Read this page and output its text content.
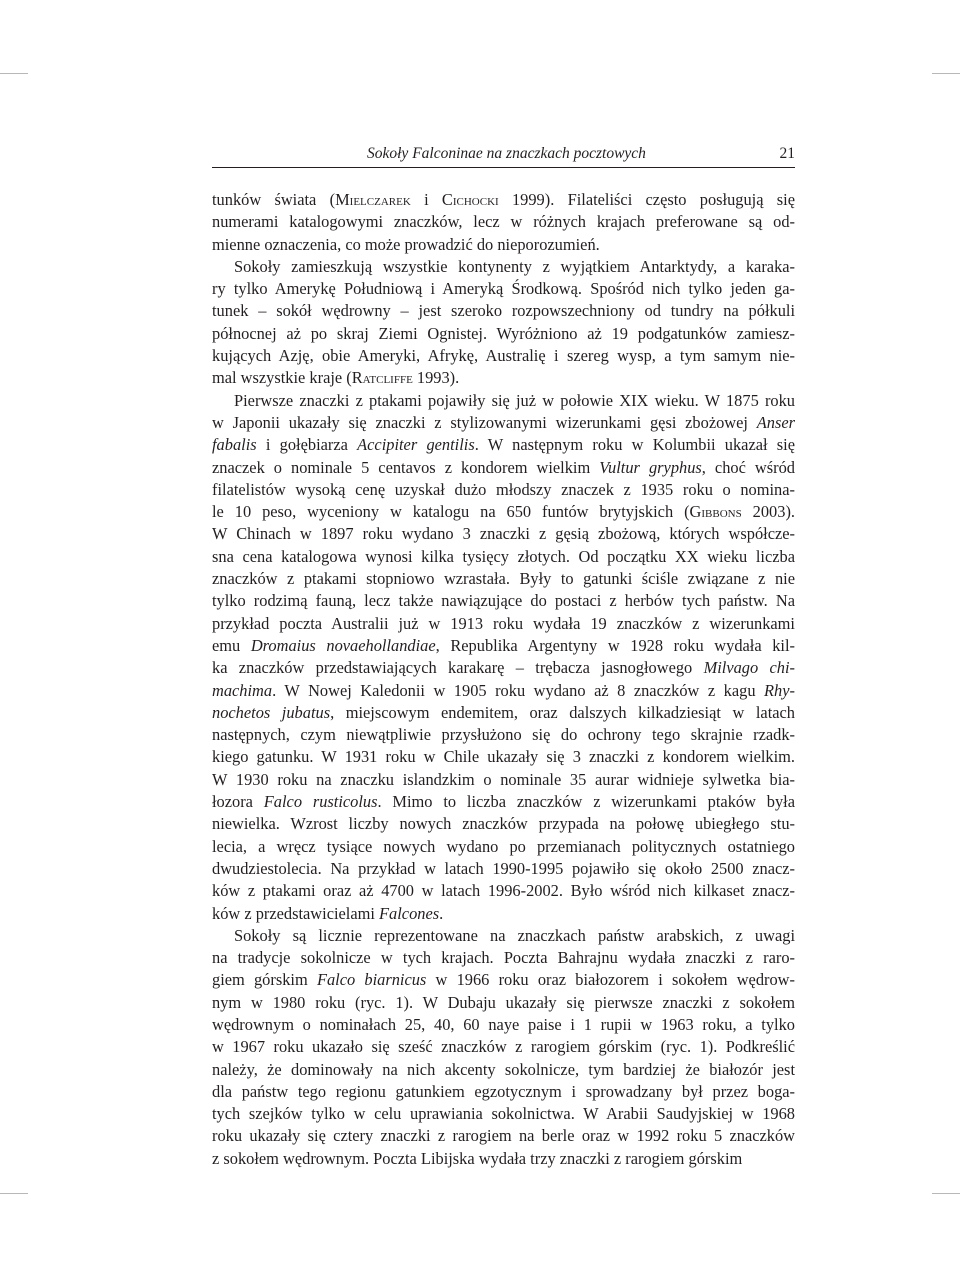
Sokoły Falconinae na znaczkach pocztowych	21
tunków świata (Mielczarek i Cichocki 1999). Filateliści często posługują się
numerami katalogowymi znaczków, lecz w różnych krajach preferowane są od-
mienne oznaczenia, co może prowadzić do nieporozumień.
Sokoły zamieszkują wszystkie kontynenty z wyjątkiem Antarktydy, a karaka-
ry tylko Amerykę Południową i Ameryką Środkową. Spośród nich tylko jeden ga-
tunek – sokół wędrowny – jest szeroko rozpowszechniony od tundry na półkuli
północnej aż po skraj Ziemi Ognistej. Wyróżniono aż 19 podgatunków zamiesz-
kujących Azję, obie Ameryki, Afrykę, Australię i szereg wysp, a tym samym nie-
mal wszystkie kraje (Ratcliffe 1993).
Pierwsze znaczki z ptakami pojawiły się już w połowie XIX wieku. W 1875 roku
w Japonii ukazały się znaczki z stylizowanymi wizerunkami gęsi zbożowej Anser
fabalis i gołębiarza Accipiter gentilis. W następnym roku w Kolumbii ukazał się
znaczek o nominale 5 centavos z kondorem wielkim Vultur gryphus, choć wśród
filatelistów wysoką cenę uzyskał dużo młodszy znaczek z 1935 roku o nomina-
le 10 peso, wyceniony w katalogu na 650 funtów brytyjskich (Gibbons 2003).
W Chinach w 1897 roku wydano 3 znaczki z gęsią zbożową, których współcze-
sna cena katalogowa wynosi kilka tysięcy złotych. Od początku XX wieku liczba
znaczków z ptakami stopniowo wzrastała. Były to gatunki ściśle związane z nie
tylko rodzimą fauną, lecz także nawiązujące do postaci z herbów tych państw. Na
przykład poczta Australii już w 1913 roku wydała 19 znaczków z wizerunkami
emu Dromaius novaehollandiae, Republika Argentyny w 1928 roku wydała kil-
ka znaczków przedstawiających karakarę – trębacza jasnogłowego Milvago chi-
machima. W Nowej Kaledonii w 1905 roku wydano aż 8 znaczków z kagu Rhy-
nochetos jubatus, miejscowym endemitem, oraz dalszych kilkadziesiąt w latach
następnych, czym niewątpliwie przysłużono się do ochrony tego skrajnie rzadk-
kiego gatunku. W 1931 roku w Chile ukazały się 3 znaczki z kondorem wielkim.
W 1930 roku na znaczku islandzkim o nominale 35 aurar widnieje sylwetka bia-
łozora Falco rusticolus. Mimo to liczba znaczków z wizerunkami ptaków była
niewielka. Wzrost liczby nowych znaczków przypada na połowę ubiegłego stu-
lecia, a wręcz tysiące nowych wydano po przemianach politycznych ostatniego
dwudziestolecia. Na przykład w latach 1990-1995 pojawiło się około 2500 znacz-
ków z ptakami oraz aż 4700 w latach 1996-2002. Było wśród nich kilkaset znacz-
ków z przedstawicielami Falcones.
Sokoły są licznie reprezentowane na znaczkach państw arabskich, z uwagi
na tradycje sokolnicze w tych krajach. Poczta Bahrajnu wydała znaczki z raro-
giem górskim Falco biarnicus w 1966 roku oraz białozorem i sokołem wędrow-
nym w 1980 roku (ryc. 1). W Dubaju ukazały się pierwsze znaczki z sokołem
wędrownym o nominałach 25, 40, 60 naye paise i 1 rupii w 1963 roku, a tylko
w 1967 roku ukazało się sześć znaczków z rarogiem górskim (ryc. 1). Podkreślić
należy, że dominowały na nich akcenty sokolnicze, tym bardziej że białozór jest
dla państw tego regionu gatunkiem egzotycznym i sprowadzany był przez boga-
tych szejków tylko w celu uprawiania sokolnictwa. W Arabii Saudyjskiej w 1968
roku ukazały się cztery znaczki z rarogiem na berle oraz w 1992 roku 5 znaczków
z sokołem wędrownym. Poczta Libijska wydała trzy znaczki z rarogiem górskim
